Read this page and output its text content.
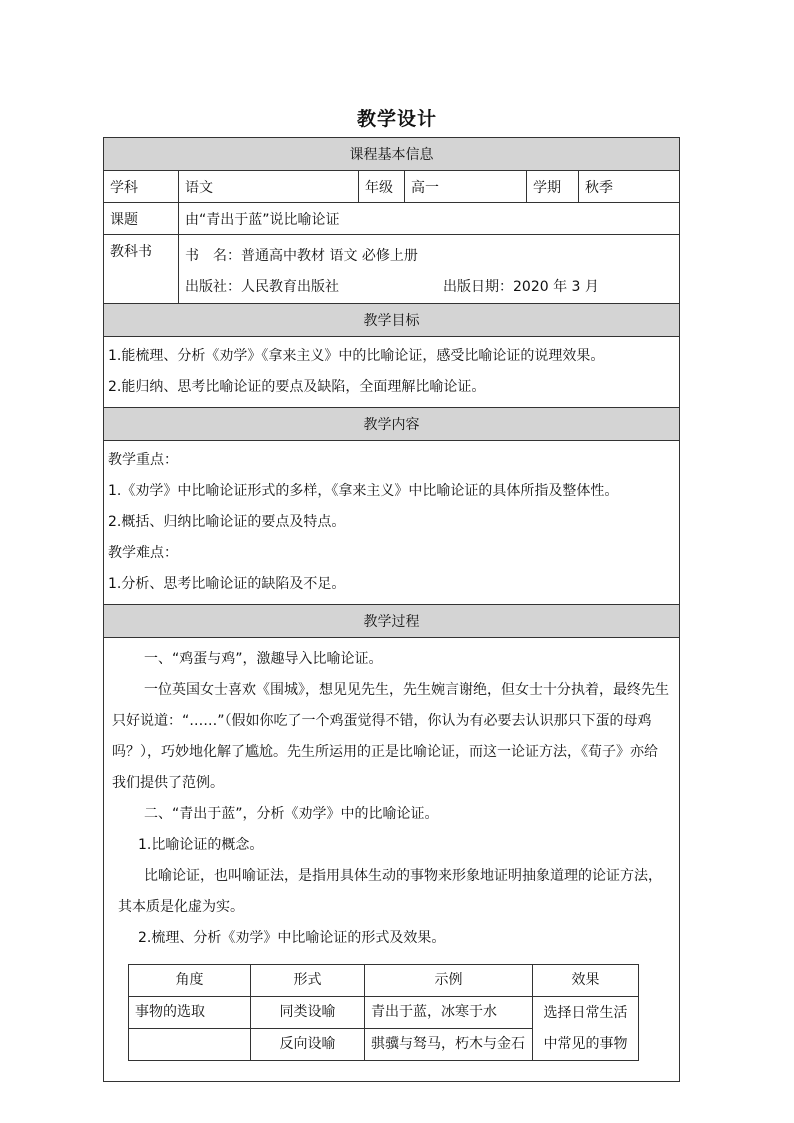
教学设计
课程基本信息
学科	语文	年级	高一	学期	秋季
课题	由“青出于蓝”说比喻论证
教科书	书　名：普通高中教材 语文 必修上册
出版社：人民教育出版社	出版日期：2020 年 3 月

教学目标

1.能梳理、分析《劝学》《拿来主义》中的比喻论证，感受比喻论证的说理效果。
2.能归纳、思考比喻论证的要点及缺陷，全面理解比喻论证。

教学内容

教学重点：
1.《劝学》中比喻论证形式的多样，《拿来主义》中比喻论证的具体所指及整体性。
2.概括、归纳比喻论证的要点及特点。
教学难点：
1.分析、思考比喻论证的缺陷及不足。

教学过程

一、“鸡蛋与鸡”，激趣导入比喻论证。

一位英国女士喜欢《围城》，想见见先生，先生婉言谢绝，但女士十分执着，最终先生只好说道：“……”（假如你吃了一个鸡蛋觉得不错，你认为有必要去认识那只下蛋的母鸡吗？），巧妙地化解了尴尬。先生所运用的正是比喻论证，而这一论证方法，《荀子》亦给我们提供了范例。

二、“青出于蓝”，分析《劝学》中的比喻论证。

1.比喻论证的概念。

比喻论证，也叫喻证法，是指用具体生动的事物来形象地证明抽象道理的论证方法，其本质是化虚为实。

2.梳理、分析《劝学》中比喻论证的形式及效果。

角度	形式	示例	效果
事物的选取	同类设喻	青出于蓝，冰寒于水	选择日常生活
中常见的事物

	反向设喻	骐骥与驽马，朽木与金石
